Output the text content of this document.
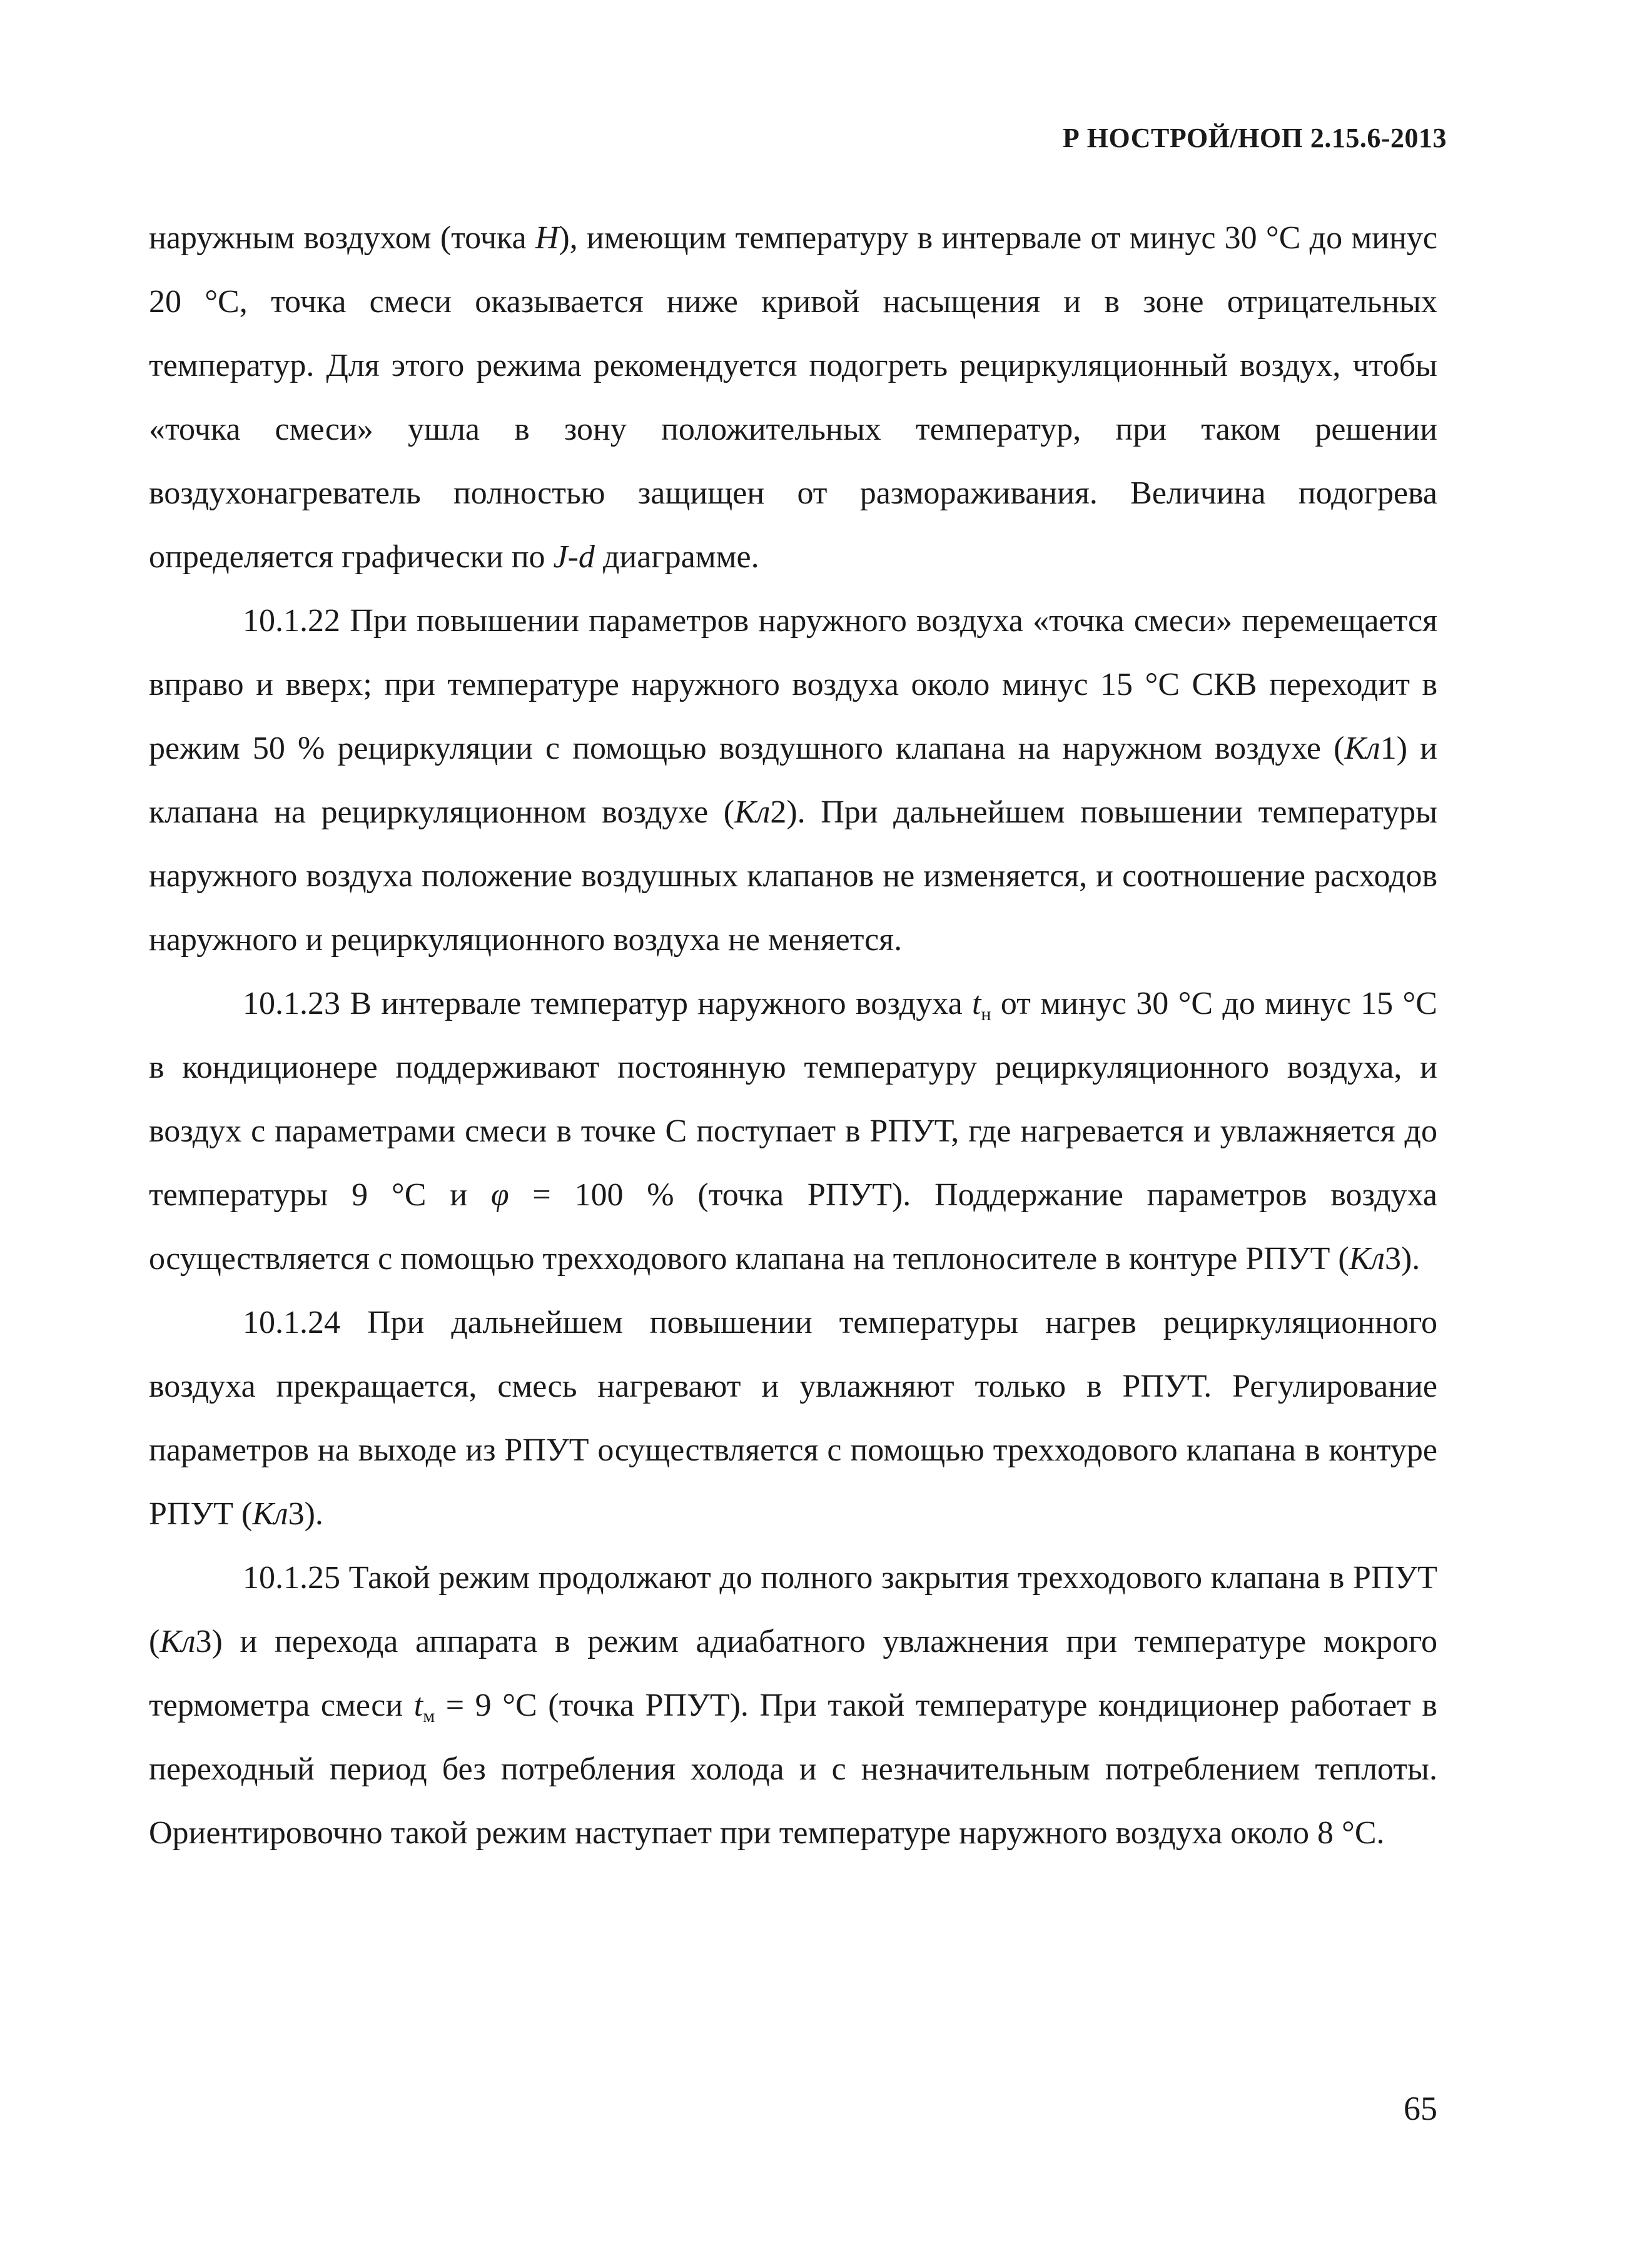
Р НОСТРОЙ/НОП 2.15.6-2013

наружным воздухом (точка Н), имеющим температуру в интервале от минус 30 °С до минус 20 °С, точка смеси оказывается ниже кривой насыщения и в зоне отрицательных температур. Для этого режима рекомендуется подогреть рециркуляционный воздух, чтобы «точка смеси» ушла в зону положительных температур, при таком решении воздухонагреватель полностью защищен от размораживания. Величина подогрева определяется графически по J-d диаграмме.

10.1.22 При повышении параметров наружного воздуха «точка смеси» перемещается вправо и вверх; при температуре наружного воздуха около минус 15 °С СКВ переходит в режим 50 % рециркуляции с помощью воздушного клапана на наружном воздухе (Кл1) и клапана на рециркуляционном воздухе (Кл2). При дальнейшем повышении температуры наружного воздуха положение воздушных клапанов не изменяется, и соотношение расходов наружного и рециркуляционного воздуха не меняется.

10.1.23 В интервале температур наружного воздуха $t_н$ от минус 30 °С до минус 15 °С в кондиционере поддерживают постоянную температуру рециркуляционного воздуха, и воздух с параметрами смеси в точке С поступает в РПУТ, где нагревается и увлажняется до температуры 9 °С и φ = 100 % (точка РПУТ). Поддержание параметров воздуха осуществляется с помощью трехходового клапана на теплоносителе в контуре РПУТ (Кл3).

10.1.24 При дальнейшем повышении температуры нагрев рециркуляционного воздуха прекращается, смесь нагревают и увлажняют только в РПУТ. Регулирование параметров на выходе из РПУТ осуществляется с помощью трехходового клапана в контуре РПУТ (Кл3).

10.1.25 Такой режим продолжают до полного закрытия трехходового клапана в РПУТ (Кл3) и перехода аппарата в режим адиабатного увлажнения при температуре мокрого термометра смеси $t_м = 9$ °С (точка РПУТ). При такой температуре кондиционер работает в переходный период без потребления холода и с незначительным потреблением теплоты. Ориентировочно такой режим наступает при температуре наружного воздуха около 8 °С.

65
